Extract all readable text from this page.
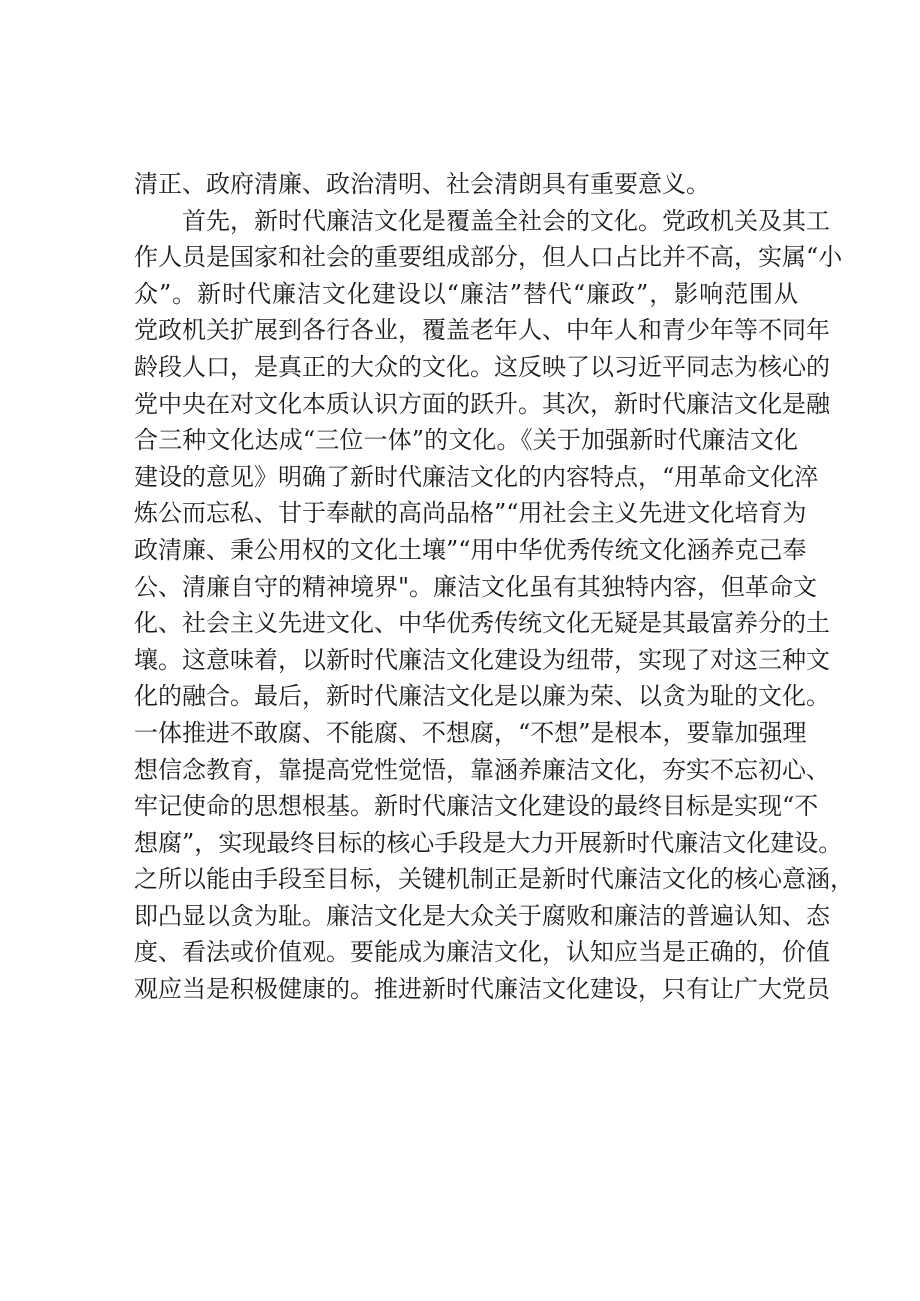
清正、政府清廉、政治清明、社会清朗具有重要意义。
首先，新时代廉洁文化是覆盖全社会的文化。党政机关及其工
作人员是国家和社会的重要组成部分，但人口占比并不高，实属“小
众”。新时代廉洁文化建设以“廉洁”替代“廉政”，影响范围从
党政机关扩展到各行各业，覆盖老年人、中年人和青少年等不同年
龄段人口，是真正的大众的文化。这反映了以习近平同志为核心的
党中央在对文化本质认识方面的跃升。其次，新时代廉洁文化是融
合三种文化达成“三位一体”的文化。《关于加强新时代廉洁文化
建设的意见》明确了新时代廉洁文化的内容特点，“用革命文化淬
炼公而忘私、甘于奉献的高尚品格”“用社会主义先进文化培育为
政清廉、秉公用权的文化土壤”“用中华优秀传统文化涵养克己奉
公、清廉自守的精神境界"。廉洁文化虽有其独特内容，但革命文
化、社会主义先进文化、中华优秀传统文化无疑是其最富养分的土
壤。这意味着，以新时代廉洁文化建设为纽带，实现了对这三种文
化的融合。最后，新时代廉洁文化是以廉为荣、以贪为耻的文化。
一体推进不敢腐、不能腐、不想腐，“不想”是根本，要靠加强理
想信念教育，靠提高党性觉悟，靠涵养廉洁文化，夯实不忘初心、
牢记使命的思想根基。新时代廉洁文化建设的最终目标是实现“不
想腐”，实现最终目标的核心手段是大力开展新时代廉洁文化建设。
之所以能由手段至目标，关键机制正是新时代廉洁文化的核心意涵，
即凸显以贪为耻。廉洁文化是大众关于腐败和廉洁的普遍认知、态
度、看法或价值观。要能成为廉洁文化，认知应当是正确的，价值
观应当是积极健康的。推进新时代廉洁文化建设，只有让广大党员
